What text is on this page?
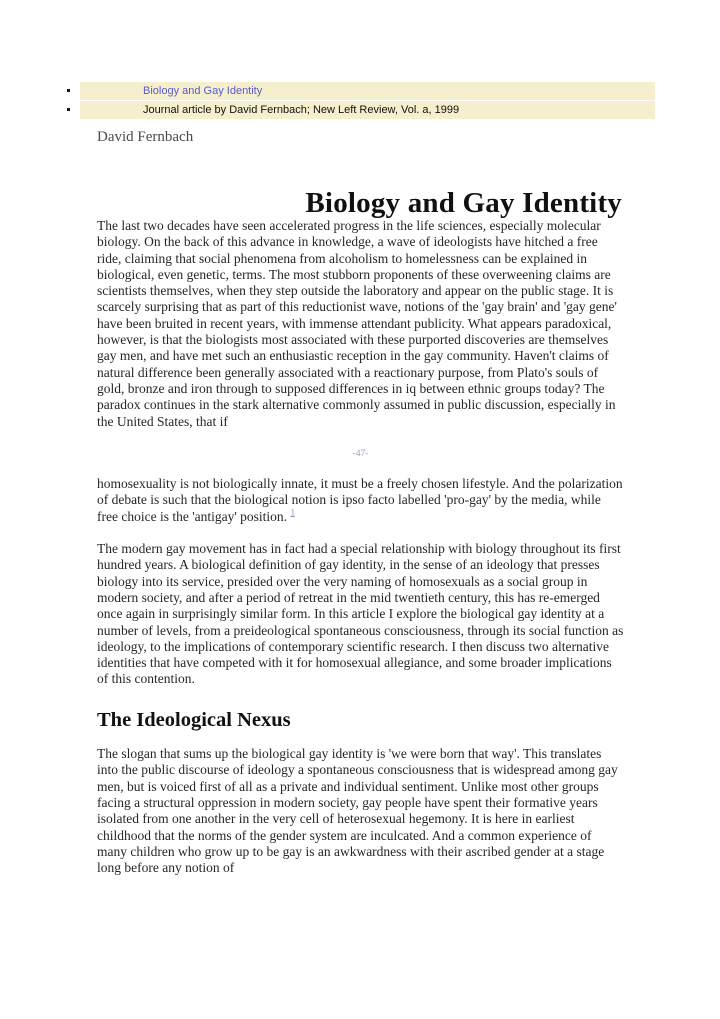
▪ Biology and Gay Identity
▪ Journal article by David Fernbach; New Left Review, Vol. a, 1999
David Fernbach
Biology and Gay Identity

The last two decades have seen accelerated progress in the life sciences, especially molecular biology. On the back of this advance in knowledge, a wave of ideologists have hitched a free ride, claiming that social phenomena from alcoholism to homelessness can be explained in biological, even genetic, terms. The most stubborn proponents of these overweening claims are scientists themselves, when they step outside the laboratory and appear on the public stage. It is scarcely surprising that as part of this reductionist wave, notions of the 'gay brain' and 'gay gene' have been bruited in recent years, with immense attendant publicity. What appears paradoxical, however, is that the biologists most associated with these purported discoveries are themselves gay men, and have met such an enthusiastic reception in the gay community. Haven't claims of natural difference been generally associated with a reactionary purpose, from Plato's souls of gold, bronze and iron through to supposed differences in iq between ethnic groups today? The paradox continues in the stark alternative commonly assumed in public discussion, especially in the United States, that if

-47-

homosexuality is not biologically innate, it must be a freely chosen lifestyle. And the polarization of debate is such that the biological notion is ipso facto labelled 'pro-gay' by the media, while free choice is the 'antigay' position. $^1$

The modern gay movement has in fact had a special relationship with biology throughout its first hundred years. A biological definition of gay identity, in the sense of an ideology that presses biology into its service, presided over the very naming of homosexuals as a social group in modern society, and after a period of retreat in the mid twentieth century, this has re-emerged once again in surprisingly similar form. In this article I explore the biological gay identity at a number of levels, from a preideological spontaneous consciousness, through its social function as ideology, to the implications of contemporary scientific research. I then discuss two alternative identities that have competed with it for homosexual allegiance, and some broader implications of this contention.

The Ideological Nexus

The slogan that sums up the biological gay identity is 'we were born that way'. This translates into the public discourse of ideology a spontaneous consciousness that is widespread among gay men, but is voiced first of all as a private and individual sentiment. Unlike most other groups facing a structural oppression in modern society, gay people have spent their formative years isolated from one another in the very cell of heterosexual hegemony. It is here in earliest childhood that the norms of the gender system are inculcated. And a common experience of many children who grow up to be gay is an awkwardness with their ascribed gender at a stage long before any notion of
